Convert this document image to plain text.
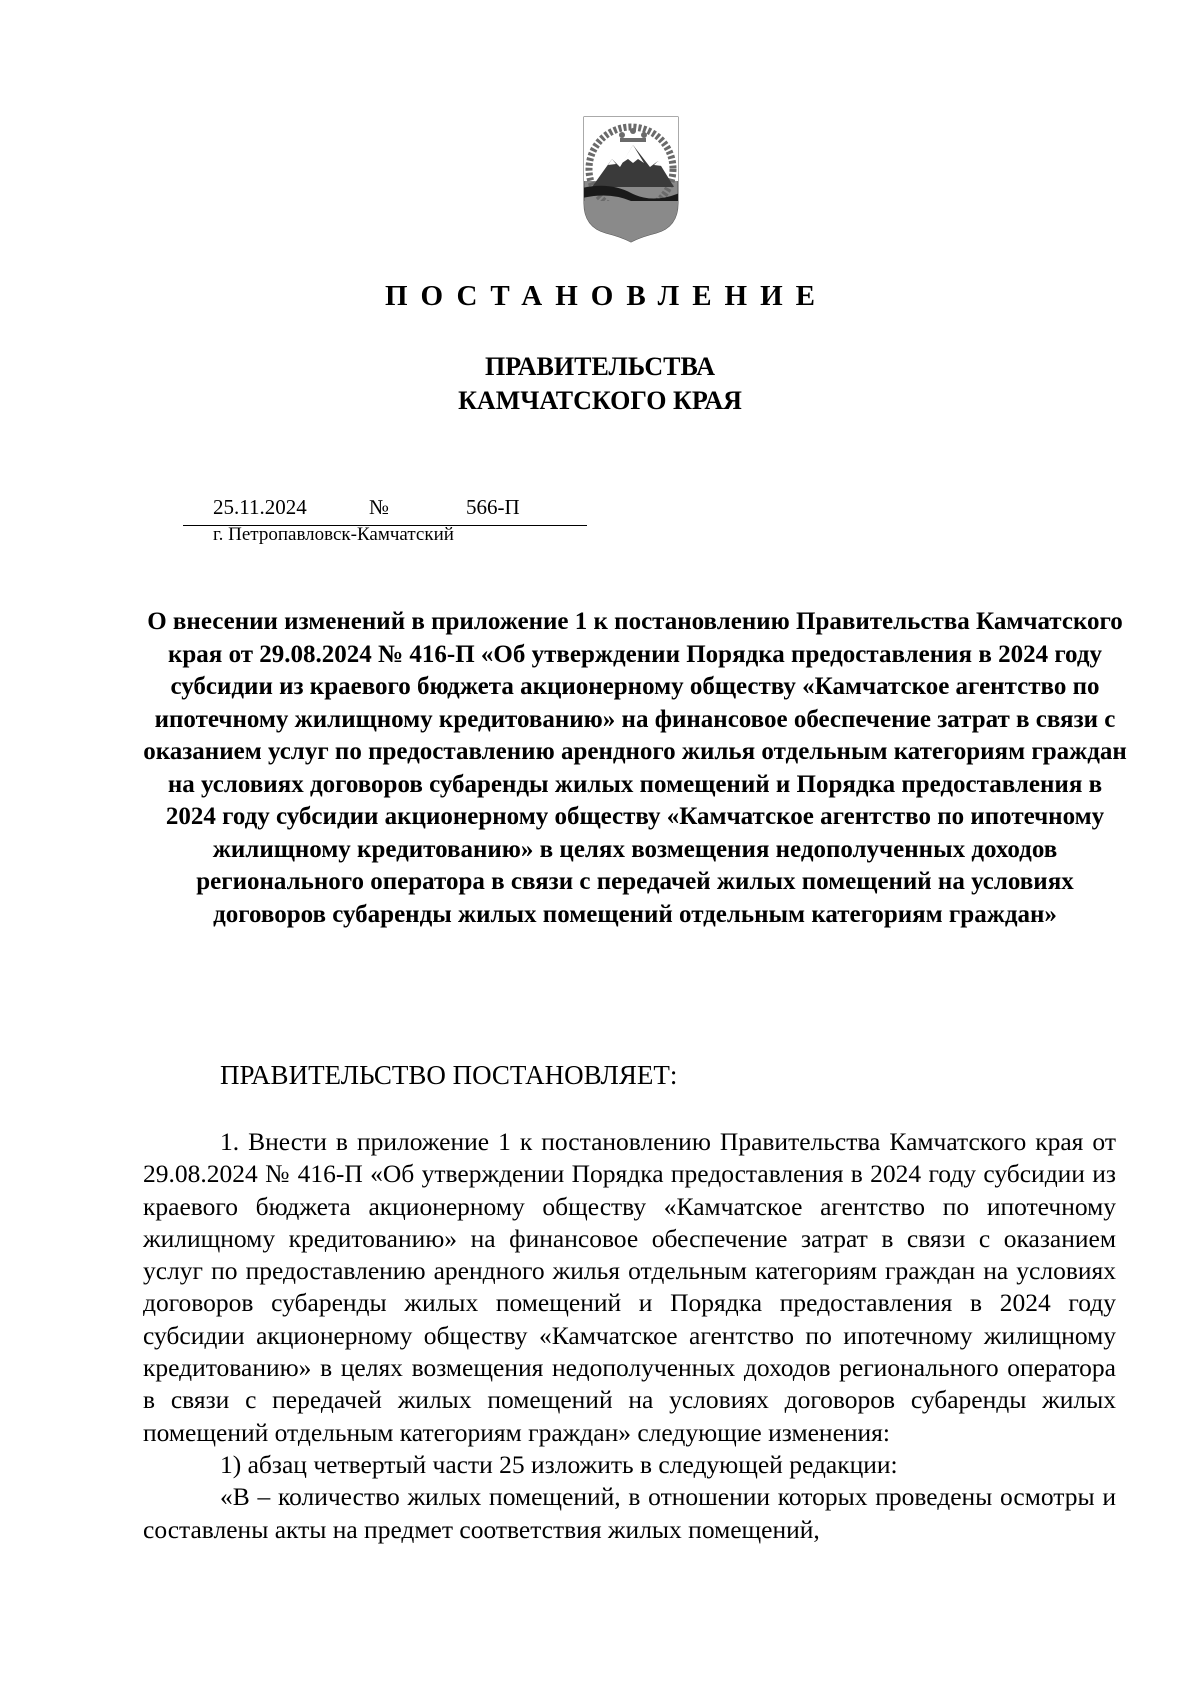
ПОСТАНОВЛЕНИЕ
ПРАВИТЕЛЬСТВА
КАМЧАТСКОГО КРАЯ
25.11.2024	№	566-П
г. Петропавловск-Камчатский
О внесении изменений в приложение 1 к постановлению Правительства Камчатского края от 29.08.2024 № 416-П «Об утверждении Порядка предоставления в 2024 году субсидии из краевого бюджета акционерному обществу «Камчатское агентство по ипотечному жилищному кредитованию» на финансовое обеспечение затрат в связи с оказанием услуг по предоставлению арендного жилья отдельным категориям граждан на условиях договоров субаренды жилых помещений и Порядка предоставления в 2024 году субсидии акционерному обществу «Камчатское агентство по ипотечному жилищному кредитованию» в целях возмещения недополученных доходов регионального оператора в связи с передачей жилых помещений на условиях договоров субаренды жилых помещений отдельным категориям граждан»
ПРАВИТЕЛЬСТВО ПОСТАНОВЛЯЕТ:

1. Внести в приложение 1 к постановлению Правительства Камчатского края от 29.08.2024 № 416-П «Об утверждении Порядка предоставления в 2024 году субсидии из краевого бюджета акционерному обществу «Камчатское агентство по ипотечному жилищному кредитованию» на финансовое обеспечение затрат в связи с оказанием услуг по предоставлению арендного жилья отдельным категориям граждан на условиях договоров субаренды жилых помещений и Порядка предоставления в 2024 году субсидии акционерному обществу «Камчатское агентство по ипотечному жилищному кредитованию» в целях возмещения недополученных доходов регионального оператора в связи с передачей жилых помещений на условиях договоров субаренды жилых помещений отдельным категориям граждан» следующие изменения:

1) абзац четвертый части 25 изложить в следующей редакции:

«B – количество жилых помещений, в отношении которых проведены осмотры и составлены акты на предмет соответствия жилых помещений,
